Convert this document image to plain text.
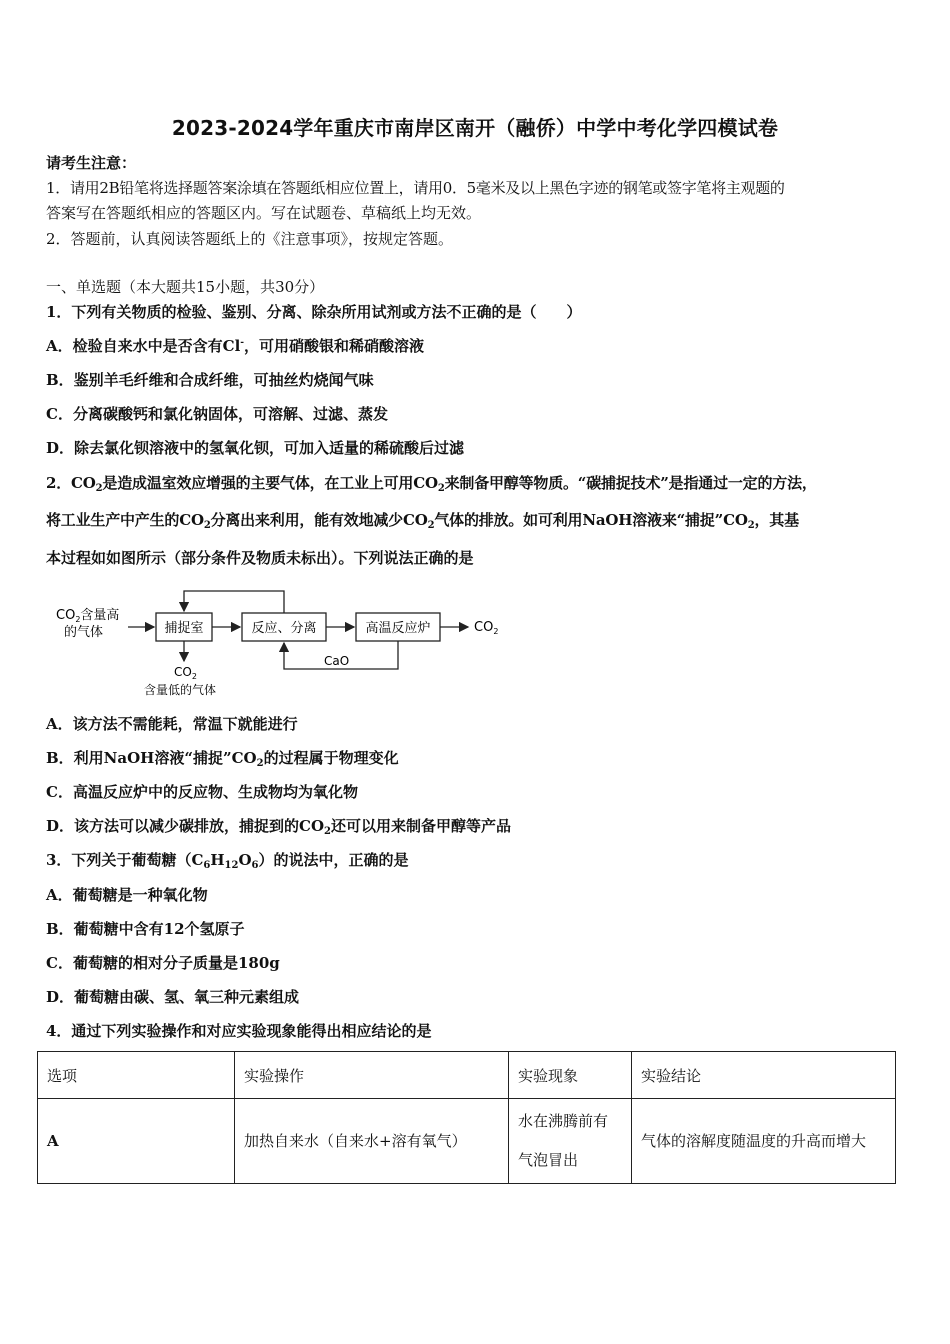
2023-2024学年重庆市南岸区南开（融侨）中学中考化学四模试卷
请考生注意：
1．请用2B铅笔将选择题答案涂填在答题纸相应位置上，请用0．5毫米及以上黑色字迹的钢笔或签字笔将主观题的
答案写在答题纸相应的答题区内。写在试题卷、草稿纸上均无效。
2．答题前，认真阅读答题纸上的《注意事项》，按规定答题。
一、单选题（本大题共15小题，共30分）
1．下列有关物质的检验、鉴别、分离、除杂所用试剂或方法不正确的是（　　）
A．检验自来水中是否含有Cl-，可用硝酸银和稀硝酸溶液
B．鉴别羊毛纤维和合成纤维，可抽丝灼烧闻气味
C．分离碳酸钙和氯化钠固体，可溶解、过滤、蒸发
D．除去氯化钡溶液中的氢氧化钡，可加入适量的稀硫酸后过滤
2．$CO_2$是造成温室效应增强的主要气体，在工业上可用$CO_2$来制备甲醇等物质。“碳捕捉技术”是指通过一定的方法，
将工业生产中产生的$CO_2$分离出来利用，能有效地减少$CO_2$气体的排放。如可利用NaOH溶液来“捕捉$”CO_2$，其基
本过程如如图所示（部分条件及物质未标出）。下列说法正确的是
$CO_2$含量高
的气体	捕捉室	反应、分离	高温反应炉	$CO_2$
CaO
$CO_2$
含量低的气体
A．该方法不需能耗，常温下就能进行
B．利用NaOH溶液“捕捉$”CO_2$的过程属于物理变化
C．高温反应炉中的反应物、生成物均为氧化物
D．该方法可以减少碳排放，捕捉到的$CO_2$还可以用来制备甲醇等产品
3．下列关于葡萄糖$(C_6H_{12}O_6)$的说法中，正确的是
A．葡萄糖是一种氧化物
B．葡萄糖中含有12个氢原子
C．葡萄糖的相对分子质量是180g
D．葡萄糖由碳、氢、氧三种元素组成
4．通过下列实验操作和对应实验现象能得出相应结论的是
选项	实验操作	实验现象	实验结论
A	加热自来水（自来水+溶有氧气）	水在沸腾前有气泡冒出	气体的溶解度随温度的升高而增大
